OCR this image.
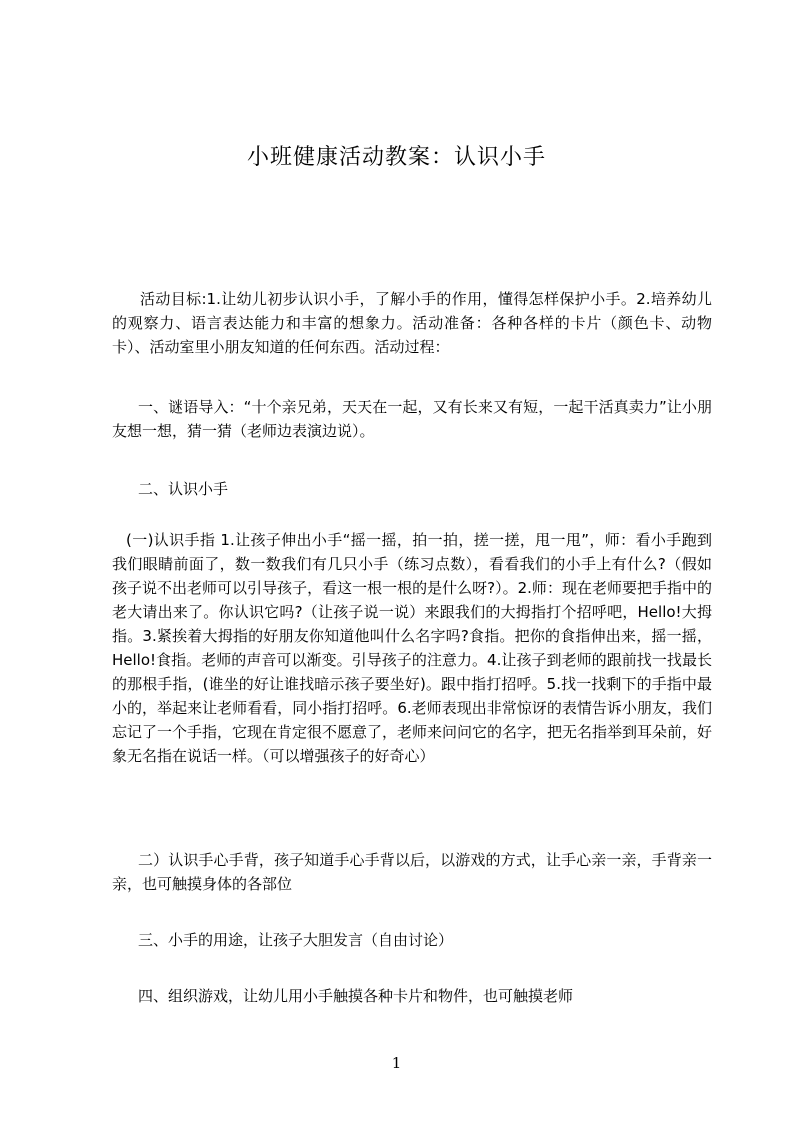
小班健康活动教案：认识小手

活动目标:1.让幼儿初步认识小手，了解小手的作用，懂得怎样保护小手。2.培养幼儿的观察力、语言表达能力和丰富的想象力。活动准备：各种各样的卡片（颜色卡、动物卡）、活动室里小朋友知道的任何东西。活动过程：

一、谜语导入：“十个亲兄弟，天天在一起，又有长来又有短，一起干活真卖力”让小朋友想一想，猜一猜（老师边表演边说）。

二、认识小手

(一)认识手指 1.让孩子伸出小手“摇一摇，拍一拍，搓一搓，甩一甩”，师：看小手跑到我们眼睛前面了，数一数我们有几只小手（练习点数），看看我们的小手上有什么?（假如孩子说不出老师可以引导孩子，看这一根一根的是什么呀?）。2.师：现在老师要把手指中的老大请出来了。你认识它吗?（让孩子说一说）来跟我们的大拇指打个招呼吧，Hello!大拇指。3.紧挨着大拇指的好朋友你知道他叫什么名字吗?食指。把你的食指伸出来，摇一摇，Hello!食指。老师的声音可以渐变。引导孩子的注意力。4.让孩子到老师的跟前找一找最长的那根手指，(谁坐的好让谁找暗示孩子要坐好)。跟中指打招呼。5.找一找剩下的手指中最小的，举起来让老师看看，同小指打招呼。6.老师表现出非常惊讶的表情告诉小朋友，我们忘记了一个手指，它现在肯定很不愿意了，老师来问问它的名字，把无名指举到耳朵前，好象无名指在说话一样。（可以增强孩子的好奇心）

二）认识手心手背，孩子知道手心手背以后，以游戏的方式，让手心亲一亲，手背亲一亲，也可触摸身体的各部位

三、小手的用途，让孩子大胆发言（自由讨论）

四、组织游戏，让幼儿用小手触摸各种卡片和物件，也可触摸老师

1
